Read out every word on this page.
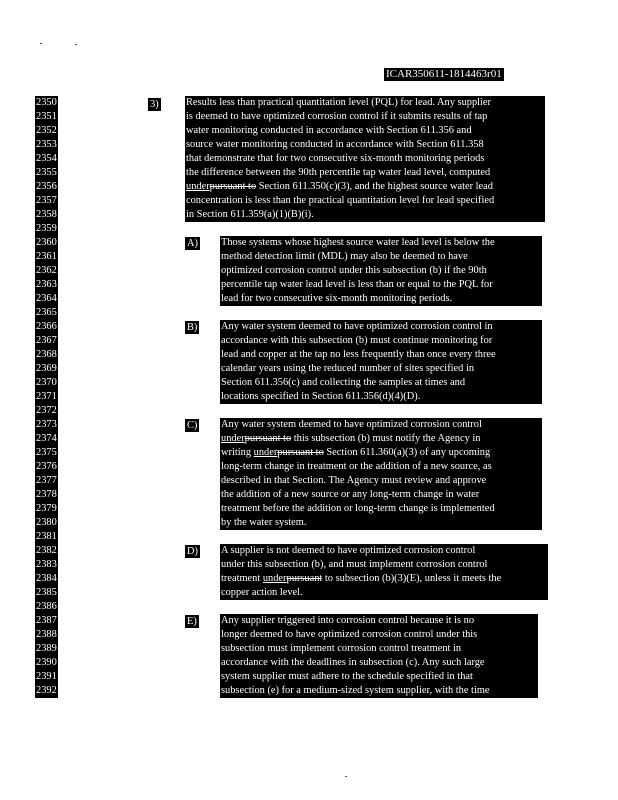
ICAR350611-1814463r01
2350
2351
2352
2353
2354
2355
2356
2357
2358
2359
2360
2361
2362
2363
2364
2365
2366
2367
2368
2369
2370
2371
2372
2373
2374
2375
2376
2377
2378
2379
2380
2381
2382
2383
2384
2385
2386
2387
2388
2389
2390
2391
2392
3)	Results less than practical quantitation level (PQL) for lead. Any supplier
is deemed to have optimized corrosion control if it submits results of tap
water monitoring conducted in accordance with Section 611.356 and
source water monitoring conducted in accordance with Section 611.358
that demonstrate that for two consecutive six-month monitoring periods
the difference between the 90th percentile tap water lead level, computed
underpursuant to Section 611.350(c)(3), and the highest source water lead
concentration is less than the practical quantitation level for lead specified
in Section 611.359(a)(1)(B)(i).
A) Those systems whose highest source water lead level is below the
method detection limit (MDL) may also be deemed to have
optimized corrosion control under this subsection (b) if the 90th
percentile tap water lead level is less than or equal to the PQL for
lead for two consecutive six-month monitoring periods.
B) Any water system deemed to have optimized corrosion control in
accordance with this subsection (b) must continue monitoring for
lead and copper at the tap no less frequently than once every three
calendar years using the reduced number of sites specified in
Section 611.356(c) and collecting the samples at times and
locations specified in Section 611.356(d)(4)(D).
C) Any water system deemed to have optimized corrosion control
underpursuant to this subsection (b) must notify the Agency in
writing underpursuant to Section 611.360(a)(3) of any upcoming
long-term change in treatment or the addition of a new source, as
described in that Section. The Agency must review and approve
the addition of a new source or any long-term change in water
treatment before the addition or long-term change is implemented
by the water system.
D) A supplier is not deemed to have optimized corrosion control
under this subsection (b), and must implement corrosion control
treatment underpursuant to subsection (b)(3)(E), unless it meets the
copper action level.
E) Any supplier triggered into corrosion control because it is no
longer deemed to have optimized corrosion control under this
subsection must implement corrosion control treatment in
accordance with the deadlines in subsection (c). Any such large
system supplier must adhere to the schedule specified in that
subsection (e) for a medium-sized system supplier, with the time
